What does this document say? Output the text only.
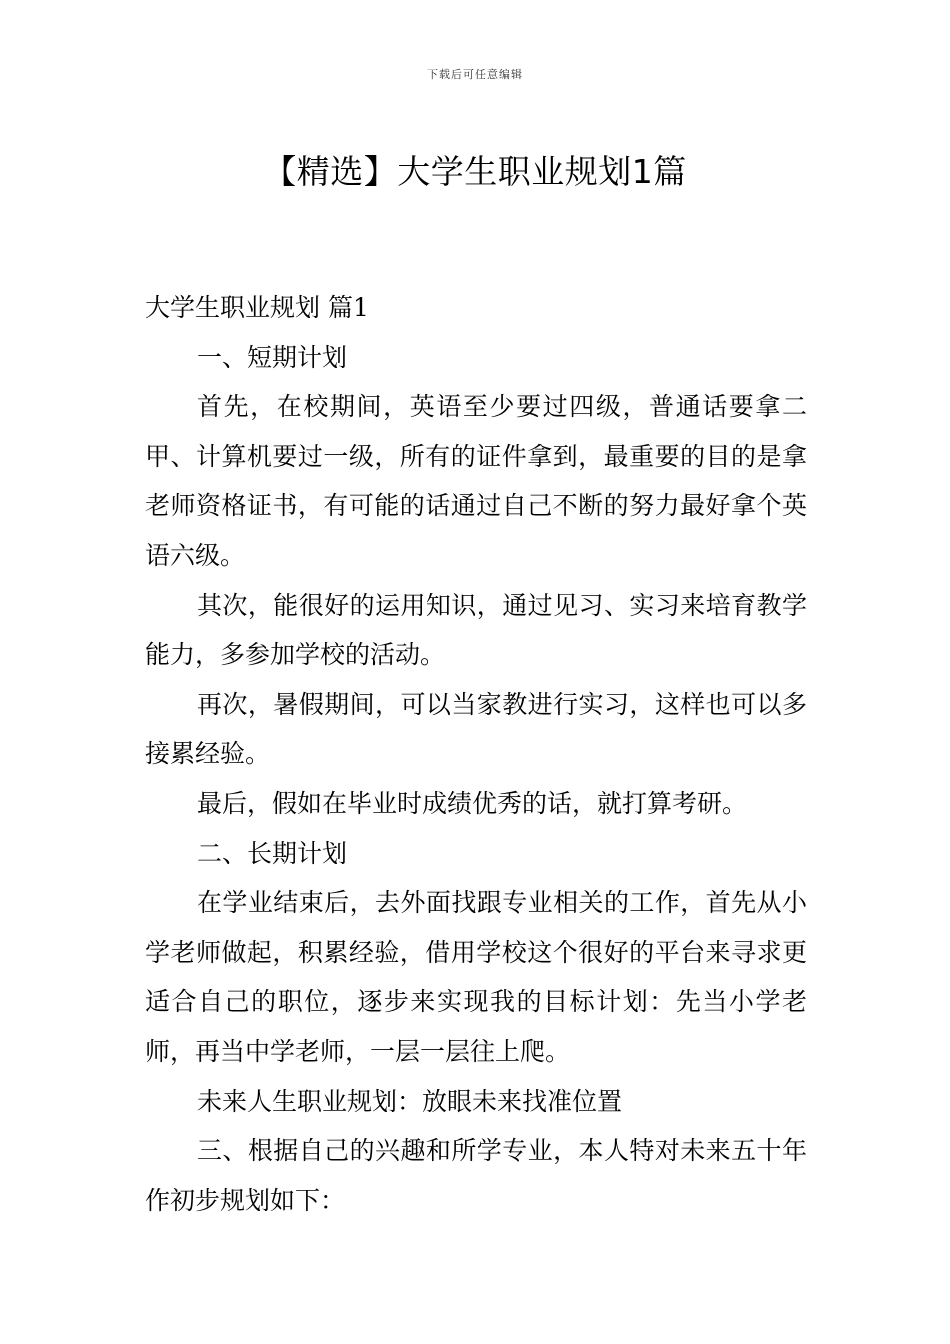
下载后可任意编辑
【精选】大学生职业规划1篇

大学生职业规划 篇1

一、短期计划

首先，在校期间，英语至少要过四级，普通话要拿二甲、计算机要过一级，所有的证件拿到，最重要的目的是拿老师资格证书，有可能的话通过自己不断的努力最好拿个英语六级。

其次，能很好的运用知识，通过见习、实习来培育教学能力，多参加学校的活动。

再次，暑假期间，可以当家教进行实习，这样也可以多接累经验。

最后，假如在毕业时成绩优秀的话，就打算考研。

二、长期计划

在学业结束后，去外面找跟专业相关的工作，首先从小学老师做起，积累经验，借用学校这个很好的平台来寻求更适合自己的职位，逐步来实现我的目标计划：先当小学老师，再当中学老师，一层一层往上爬。

未来人生职业规划：放眼未来找准位置

三、根据自己的兴趣和所学专业，本人特对未来五十年作初步规划如下：
